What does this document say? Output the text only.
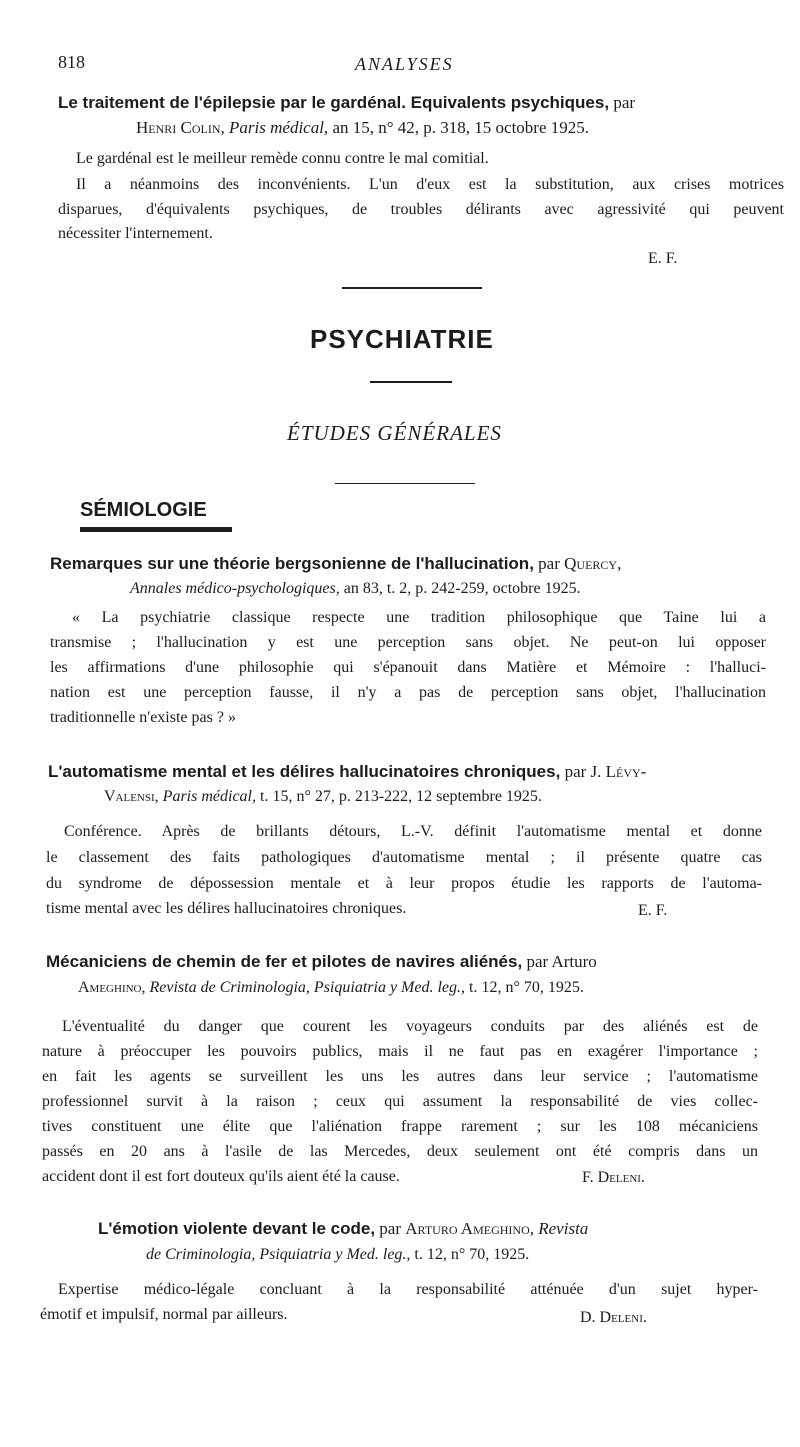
818	ANALYSES
Le traitement de l'épilepsie par le gardénal. Equivalents psychiques, par
Henri Colin, Paris médical, an 15, n° 42, p. 318, 15 octobre 1925.

Le gardénal est le meilleur remède connu contre le mal comitial.

Il a néanmoins des inconvénients. L'un d'eux est la substitution, aux crises motrices

disparues, d'équivalents psychiques, de troubles délirants avec agressivité qui peuvent

nécessiter l'internement.

E. F.
PSYCHIATRIE
ÉTUDES GÉNÉRALES
SÉMIOLOGIE
Remarques sur une théorie bergsonienne de l'hallucination, par Quercy,
Annales médico-psychologiques, an 83, t. 2, p. 242-259, octobre 1925.

« La psychiatrie classique respecte une tradition philosophique que Taine lui a

transmise ; l'hallucination y est une perception sans objet. Ne peut-on lui opposer

les affirmations d'une philosophie qui s'épanouit dans Matière et Mémoire : l'halluci-

nation est une perception fausse, il n'y a pas de perception sans objet, l'hallucination

traditionnelle n'existe pas ? »

L'automatisme mental et les délires hallucinatoires chroniques, par J. Lévy-
Valensi, Paris médical, t. 15, n° 27, p. 213-222, 12 septembre 1925.

Conférence. Après de brillants détours, L.-V. définit l'automatisme mental et donne

le classement des faits pathologiques d'automatisme mental ; il présente quatre cas

du syndrome de dépossession mentale et à leur propos étudie les rapports de l'automa-

tisme mental avec les délires hallucinatoires chroniques.	E. F.
Mécaniciens de chemin de fer et pilotes de navires aliénés, par Arturo
Ameghino, Revista de Criminologia, Psiquiatria y Med. leg., t. 12, n° 70, 1925.

L'éventualité du danger que courent les voyageurs conduits par des aliénés est de

nature à préoccuper les pouvoirs publics, mais il ne faut pas en exagérer l'importance ;

en fait les agents se surveillent les uns les autres dans leur service ; l'automatisme

professionnel survit à la raison ; ceux qui assument la responsabilité de vies collec-

tives constituent une élite que l'aliénation frappe rarement ; sur les 108 mécaniciens

passés en 20 ans à l'asile de las Mercedes, deux seulement ont été compris dans un

accident dont il est fort douteux qu'ils aient été la cause.	F. Deleni.
L'émotion violente devant le code, par Arturo Ameghino, Revista
de Criminologia, Psiquiatria y Med. leg., t. 12, n° 70, 1925.

Expertise médico-légale concluant à la responsabilité atténuée d'un sujet hyper-

émotif et impulsif, normal par ailleurs.	D. Deleni.
